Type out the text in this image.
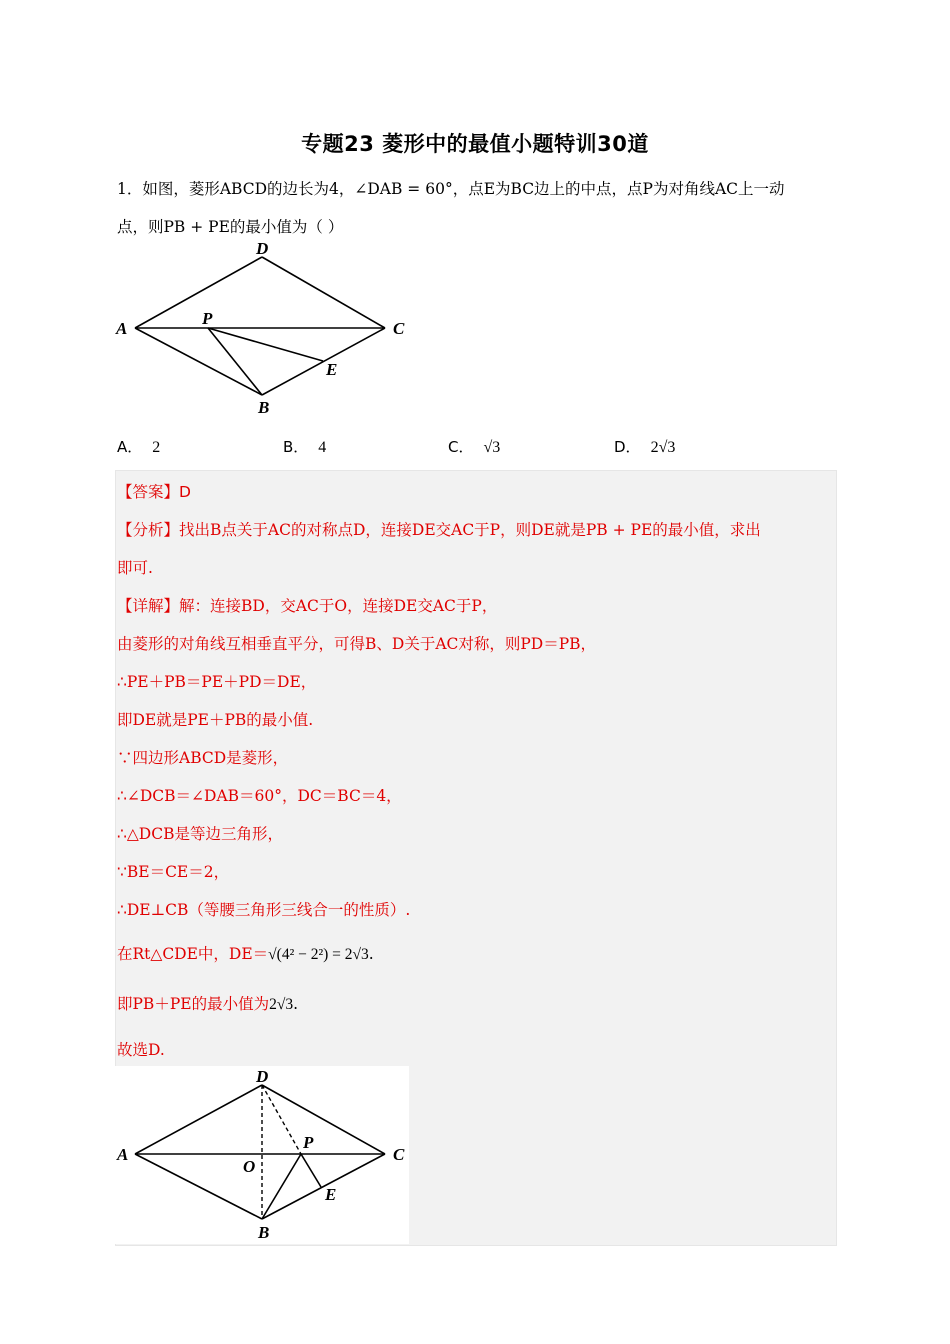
专题23 菱形中的最值小题特训30道
1．如图，菱形ABCD的边长为4，∠DAB = 60°，点E为BC边上的中点，点P为对角线AC上一动
点，则PB + PE的最小值为（ ）
D
A	C
P
E
B
A． 2	B． 4	C． √3	D． 2√3
【答案】D
【分析】找出B点关于AC的对称点D，连接DE交AC于P，则DE就是PB + PE的最小值，求出
即可.
【详解】解：连接BD，交AC于O，连接DE交AC于P，
由菱形的对角线互相垂直平分，可得B、D关于AC对称，则PD＝PB，
∴PE＋PB＝PE＋PD＝DE，
即DE就是PE＋PB的最小值.
∵四边形ABCD是菱形，
∴∠DCB＝∠DAB＝60°，DC＝BC＝4，
∴△DCB是等边三角形，
∵BE＝CE＝2，
∴DE⊥CB（等腰三角形三线合一的性质）.
在Rt△CDE中，DE＝√(4² − 2²) = 2√3.
即PB＋PE的最小值为2√3.
故选D.
D
A	C
O
P
E
B
